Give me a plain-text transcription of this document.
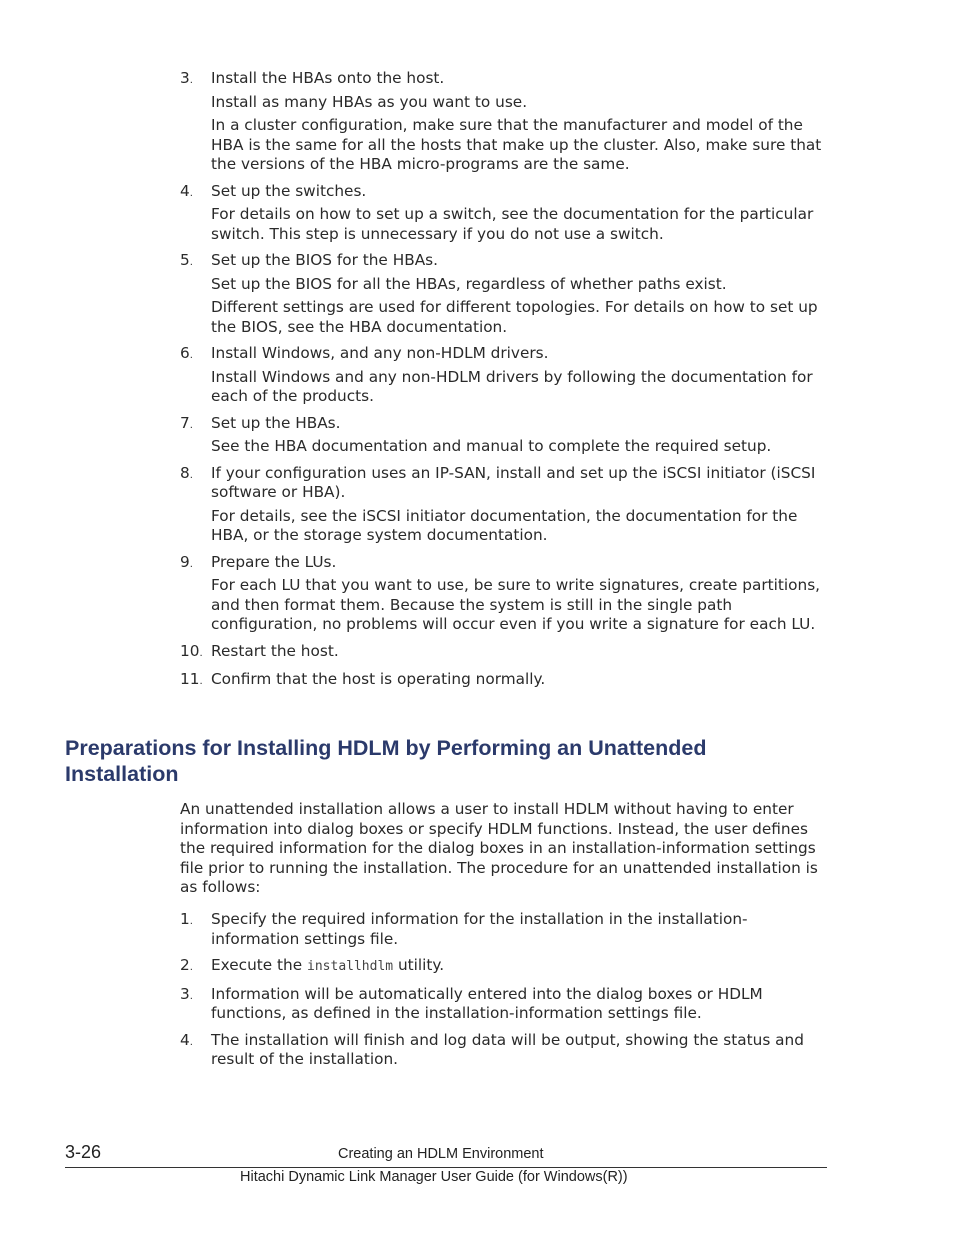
3.	Install the HBAs onto the host.
Install as many HBAs as you want to use.
In a cluster configuration, make sure that the manufacturer and model of the HBA is the same for all the hosts that make up the cluster. Also, make sure that the versions of the HBA micro-programs are the same.
4.	Set up the switches.
For details on how to set up a switch, see the documentation for the particular switch. This step is unnecessary if you do not use a switch.
5.	Set up the BIOS for the HBAs.
Set up the BIOS for all the HBAs, regardless of whether paths exist.
Different settings are used for different topologies. For details on how to set up the BIOS, see the HBA documentation.
6.	Install Windows, and any non-HDLM drivers.
Install Windows and any non-HDLM drivers by following the documentation for each of the products.
7.	Set up the HBAs.
See the HBA documentation and manual to complete the required setup.
8.	If your configuration uses an IP-SAN, install and set up the iSCSI initiator (iSCSI software or HBA).
For details, see the iSCSI initiator documentation, the documentation for the HBA, or the storage system documentation.
9.	Prepare the LUs.
For each LU that you want to use, be sure to write signatures, create partitions, and then format them. Because the system is still in the single path configuration, no problems will occur even if you write a signature for each LU.
10. Restart the host.
11. Confirm that the host is operating normally.
Preparations for Installing HDLM by Performing an Unattended Installation
An unattended installation allows a user to install HDLM without having to enter information into dialog boxes or specify HDLM functions. Instead, the user defines the required information for the dialog boxes in an installation-information settings file prior to running the installation. The procedure for an unattended installation is as follows:
1.	Specify the required information for the installation in the installation-information settings file.
2.	Execute the installhdlm utility.
3.	Information will be automatically entered into the dialog boxes or HDLM functions, as defined in the installation-information settings file.
4.	The installation will finish and log data will be output, showing the status and result of the installation.
3-26	Creating an HDLM Environment
Hitachi Dynamic Link Manager User Guide (for Windows(R))
